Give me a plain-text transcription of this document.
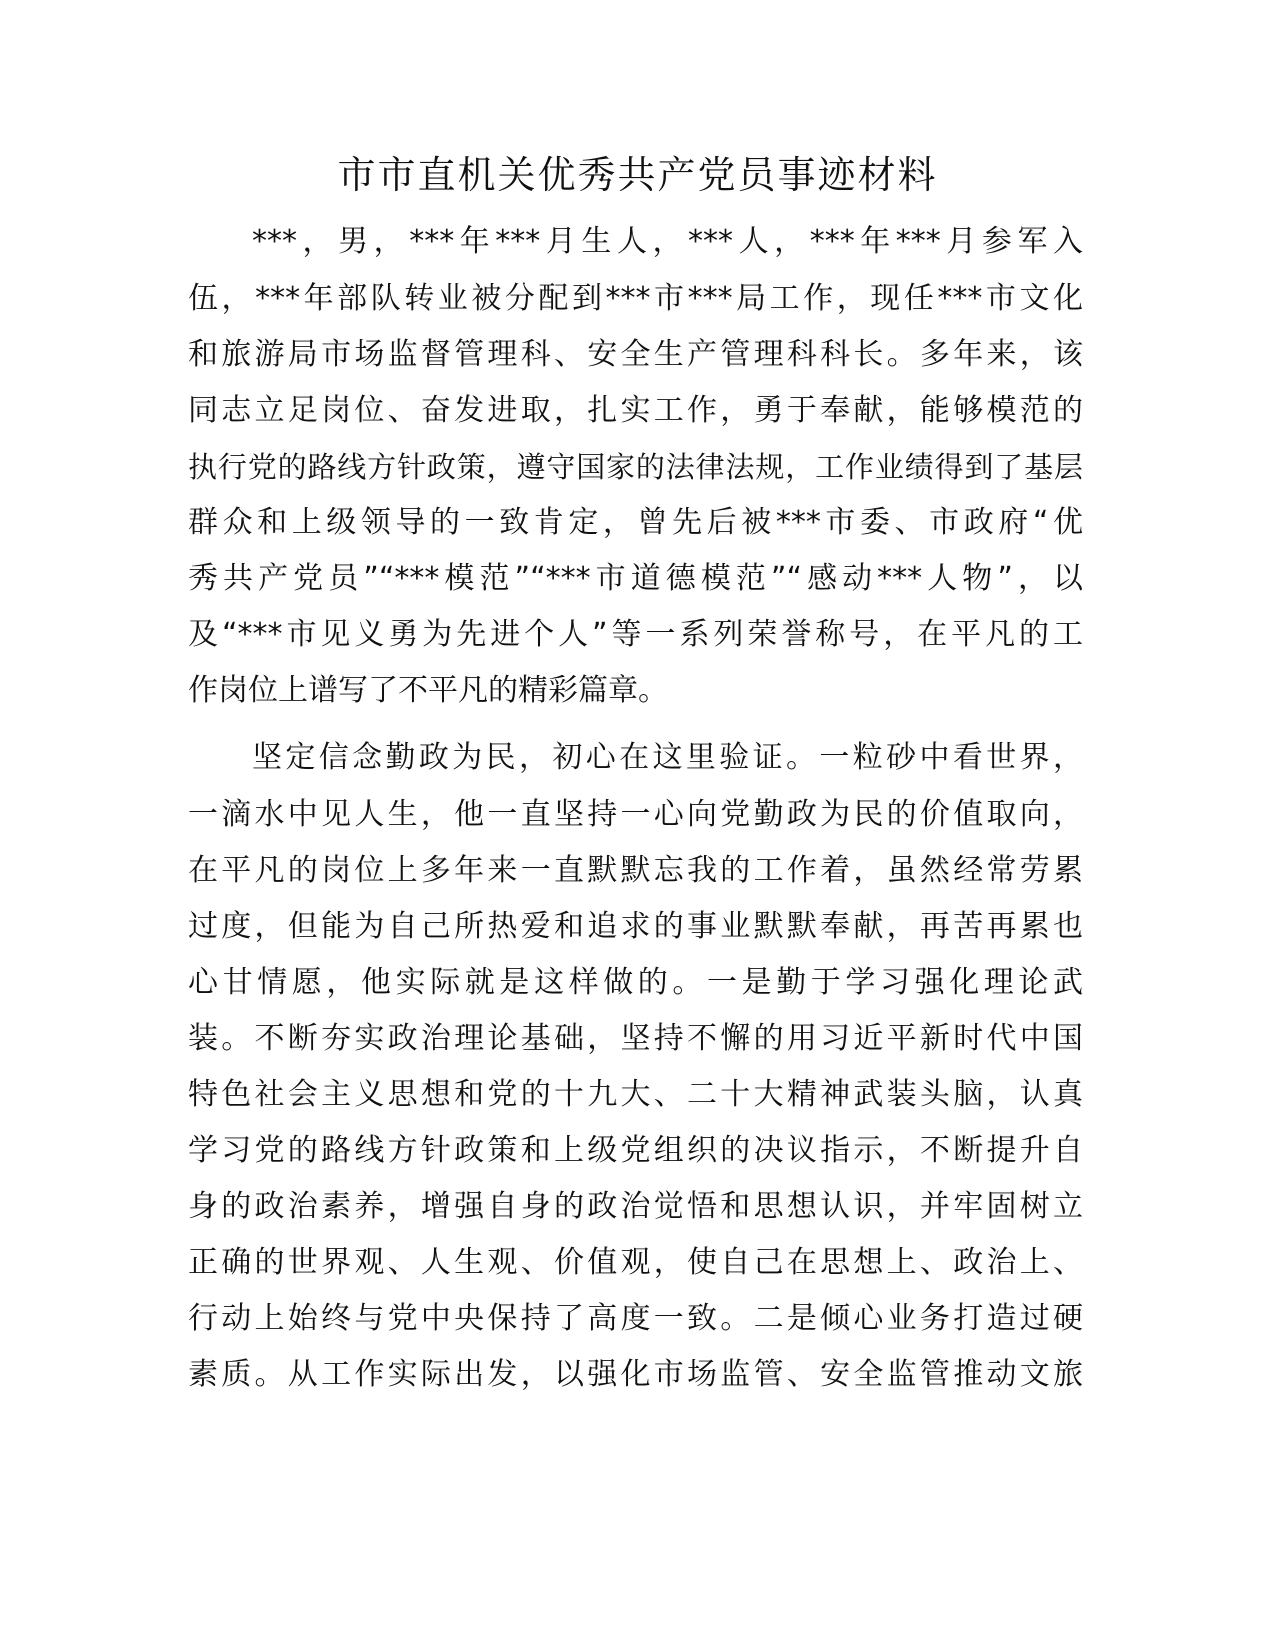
市市直机关优秀共产党员事迹材料
***，男，***年***月生人，***人，***年***月参军入
伍，***年部队转业被分配到***市***局工作，现任***市文化
和旅游局市场监督管理科、安全生产管理科科长。多年来，该
同志立足岗位、奋发进取，扎实工作，勇于奉献，能够模范的
执行党的路线方针政策，遵守国家的法律法规，工作业绩得到了基层
群众和上级领导的一致肯定，曾先后被***市委、市政府“优
秀共产党员”“***模范”“***市道德模范”“感动***人物”，以
及“***市见义勇为先进个人”等一系列荣誉称号，在平凡的工
作岗位上谱写了不平凡的精彩篇章。
坚定信念勤政为民，初心在这里验证。一粒砂中看世界，
一滴水中见人生，他一直坚持一心向党勤政为民的价值取向，
在平凡的岗位上多年来一直默默忘我的工作着，虽然经常劳累
过度，但能为自己所热爱和追求的事业默默奉献，再苦再累也
心甘情愿，他实际就是这样做的。一是勤于学习强化理论武
装。不断夯实政治理论基础，坚持不懈的用习近平新时代中国
特色社会主义思想和党的十九大、二十大精神武装头脑，认真
学习党的路线方针政策和上级党组织的决议指示，不断提升自
身的政治素养，增强自身的政治觉悟和思想认识，并牢固树立
正确的世界观、人生观、价值观，使自己在思想上、政治上、
行动上始终与党中央保持了高度一致。二是倾心业务打造过硬
素质。从工作实际出发，以强化市场监管、安全监管推动文旅
